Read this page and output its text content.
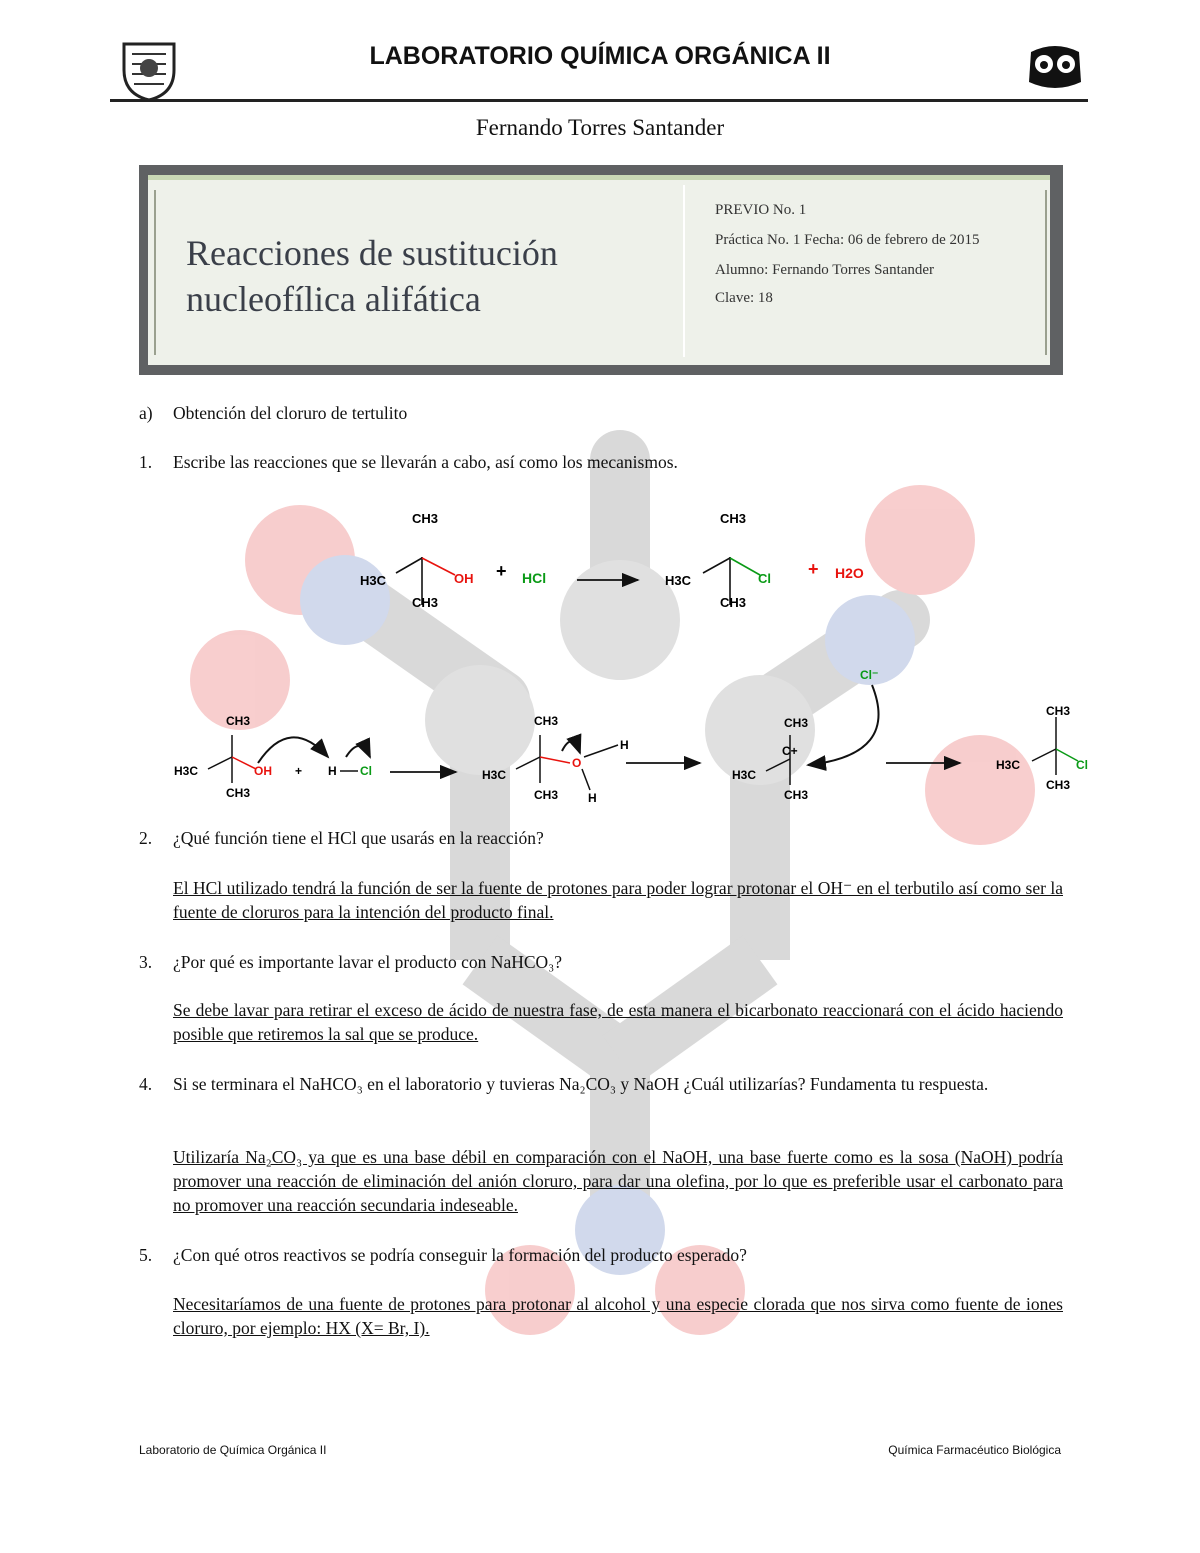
LABORATORIO QUÍMICA ORGÁNICA II
Fernando Torres Santander
Reacciones de sustitución
nucleofílica alifática
PREVIO No. 1
Práctica No. 1 Fecha: 06 de febrero de 2015
Alumno: Fernando Torres Santander
Clave: 18
a) Obtención del cloruro de tertulito
1. Escribe las reacciones que se llevarán a cabo, así como los mecanismos.
CH3
H3C	OH
CH3
+ HCl
CH3
H3C	Cl
CH3
+ H2O
CH3
H3C	OH
CH3
+ H Cl
CH3
H3C
O
H
H
CH3
CH3
H3C
C+
CH3
Cl⁻
CH3
H3C	Cl
CH3
2. ¿Qué función tiene el HCl que usarás en la reacción?
El HCl utilizado tendrá la función de ser la fuente de protones para poder lograr protonar el OH⁻ en el terbutilo así como ser la fuente de cloruros para la intención del producto final.
3. ¿Por qué es importante lavar el producto con NaHCO₃?
Se debe lavar para retirar el exceso de ácido de nuestra fase, de esta manera el bicarbonato reaccionará con el ácido haciendo posible que retiremos la sal que se produce.
4. Si se terminara el NaHCO₃ en el laboratorio y tuvieras Na₂CO₃ y NaOH ¿Cuál utilizarías? Fundamenta tu respuesta.
Utilizaría Na₂CO₃ ya que es una base débil en comparación con el NaOH, una base fuerte como es la sosa (NaOH) podría promover una reacción de eliminación del anión cloruro, para dar una olefina, por lo que es preferible usar el carbonato para no promover una reacción secundaria indeseable.
5. ¿Con qué otros reactivos se podría conseguir la formación del producto esperado?
Necesitaríamos de una fuente de protones para protonar al alcohol y una especie clorada que nos sirva como fuente de iones cloruro, por ejemplo: HX (X= Br, I).
Laboratorio de Química Orgánica II	Química Farmacéutico Biológica
